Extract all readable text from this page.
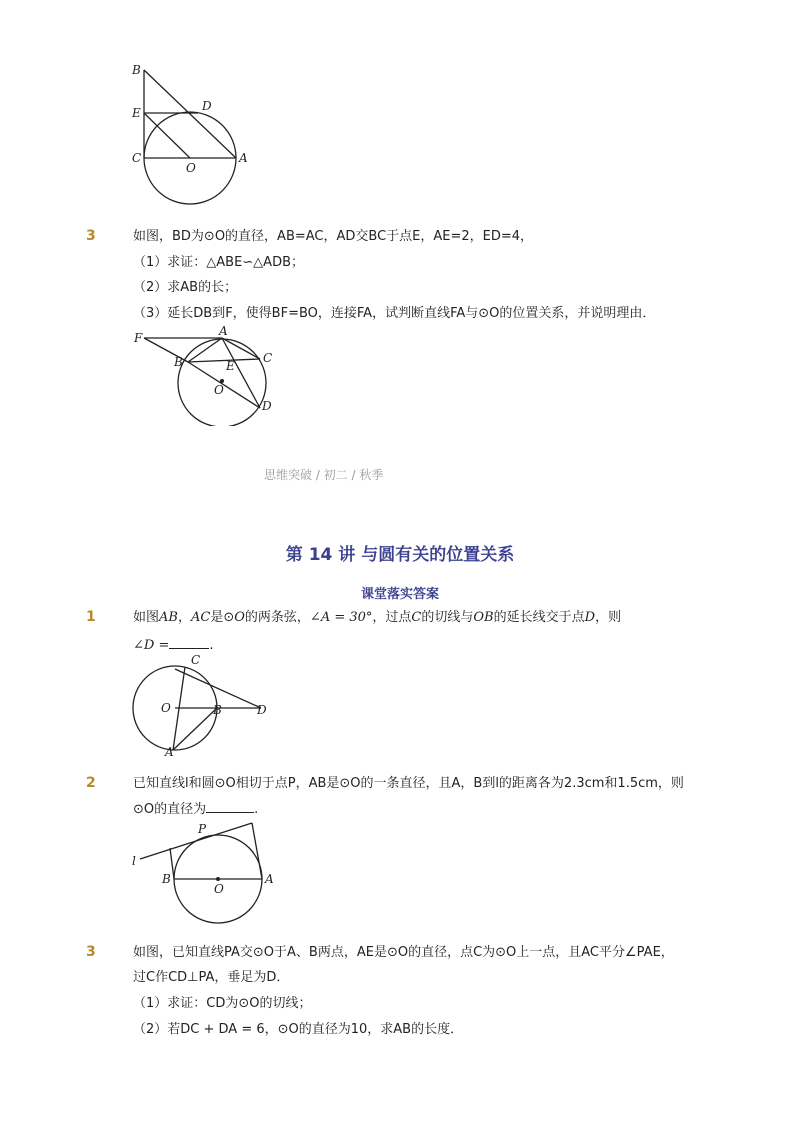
B
E	D
C
O
A
3	如图，BD为⊙O的直径，AB=AC，AD交BC于点E，AE=2，ED=4，
（1）求证：△ABE∽△ADB；
（2）求AB的长；
（3）延长DB到F，使得BF=BO，连接FA，试判断直线FA与⊙O的位置关系，并说明理由．
F	A
B	C
E
O
D
思维突破 / 初二 / 秋季
第 14 讲 与圆有关的位置关系
课堂落实答案
1	如图AB，AC是⊙O的两条弦，∠A = 30°，过点C的切线与OB的延长线交于点D，则
∠D =	.
C
O	B	D
A
2	已知直线l和圆⊙O相切于点P，AB是⊙O的一条直径，且A，B到l的距离各为2.3cm和1.5cm，则
⊙O的直径为	.
P
l
B
O
A
3	如图，已知直线PA交⊙O于A、B两点，AE是⊙O的直径，点C为⊙O上一点，且AC平分∠PAE，
过C作CD⊥PA，垂足为D．
（1）求证：CD为⊙O的切线；
（2）若DC + DA = 6，⊙O的直径为10，求AB的长度．
